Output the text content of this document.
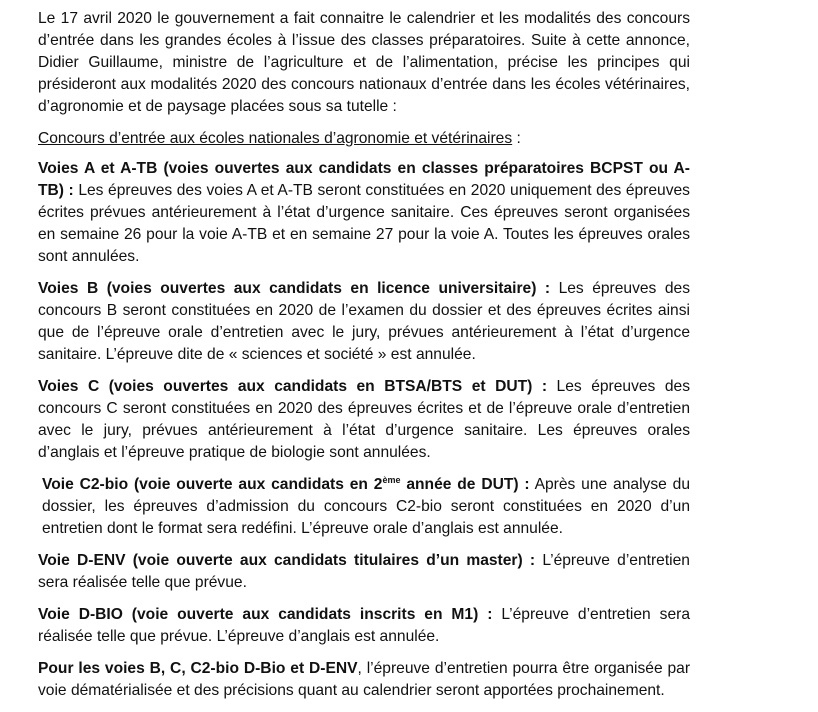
Le 17 avril 2020 le gouvernement a fait connaitre le calendrier et les modalités des concours d’entrée dans les grandes écoles à l’issue des classes préparatoires. Suite à cette annonce, Didier Guillaume, ministre de l’agriculture et de l’alimentation, précise les principes qui présideront aux modalités 2020 des concours nationaux d’entrée dans les écoles vétérinaires, d’agronomie et de paysage placées sous sa tutelle :

Concours d’entrée aux écoles nationales d’agronomie et vétérinaires :

Voies A et A-TB (voies ouvertes aux candidats en classes préparatoires BCPST ou A-TB) : Les épreuves des voies A et A-TB seront constituées en 2020 uniquement des épreuves écrites prévues antérieurement à l’état d’urgence sanitaire. Ces épreuves seront organisées en semaine 26 pour la voie A-TB et en semaine 27 pour la voie A. Toutes les épreuves orales sont annulées.

Voies B (voies ouvertes aux candidats en licence universitaire) : Les épreuves des concours B seront constituées en 2020 de l’examen du dossier et des épreuves écrites ainsi que de l’épreuve orale d’entretien avec le jury, prévues antérieurement à l’état d’urgence sanitaire. L’épreuve dite de « sciences et société » est annulée.

Voies C (voies ouvertes aux candidats en BTSA/BTS et DUT) : Les épreuves des concours C seront constituées en 2020 des épreuves écrites et de l’épreuve orale d’entretien avec le jury, prévues antérieurement à l’état d’urgence sanitaire. Les épreuves orales d’anglais et l’épreuve pratique de biologie sont annulées.

Voie C2-bio (voie ouverte aux candidats en 2ème année de DUT) : Après une analyse du dossier, les épreuves d’admission du concours C2-bio seront constituées en 2020 d’un entretien dont le format sera redéfini. L’épreuve orale d’anglais est annulée.

Voie D-ENV (voie ouverte aux candidats titulaires d’un master) : L’épreuve d’entretien sera réalisée telle que prévue.

Voie D-BIO (voie ouverte aux candidats inscrits en M1) : L’épreuve d’entretien sera réalisée telle que prévue. L’épreuve d’anglais est annulée.

Pour les voies B, C, C2-bio D-Bio et D-ENV, l’épreuve d’entretien pourra être organisée par voie dématérialisée et des précisions quant au calendrier seront apportées prochainement.
